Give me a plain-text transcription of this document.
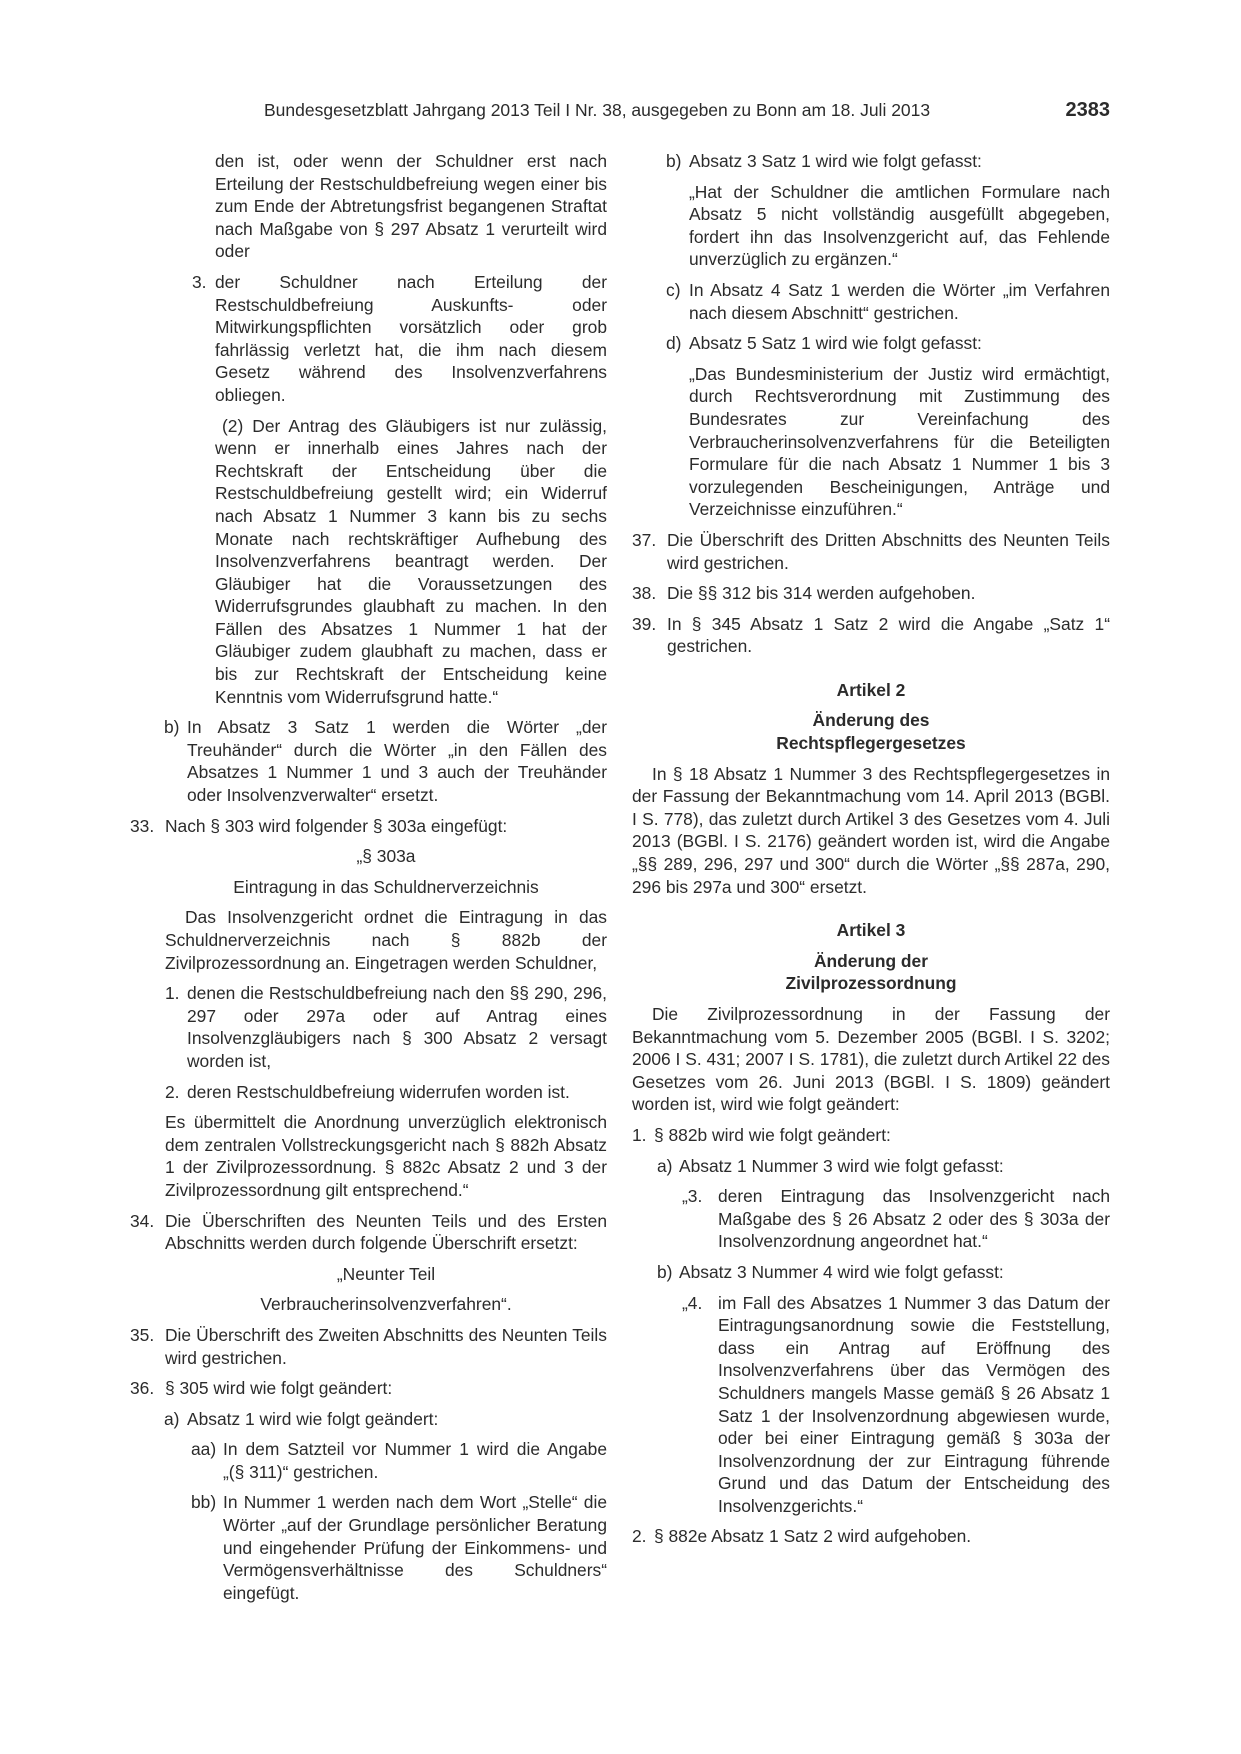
Bundesgesetzblatt Jahrgang 2013 Teil I Nr. 38, ausgegeben zu Bonn am 18. Juli 2013	2383

den ist, oder wenn der Schuldner erst nach Erteilung der Restschuldbefreiung wegen einer bis zum Ende der Abtretungsfrist begangenen Straftat nach Maßgabe von § 297 Absatz 1 verurteilt wird oder

3. der Schuldner nach Erteilung der Restschuldbefreiung Auskunfts- oder Mitwirkungspflichten vorsätzlich oder grob fahrlässig verletzt hat, die ihm nach diesem Gesetz während des Insolvenzverfahrens obliegen.

(2) Der Antrag des Gläubigers ist nur zulässig, wenn er innerhalb eines Jahres nach der Rechtskraft der Entscheidung über die Restschuldbefreiung gestellt wird; ein Widerruf nach Absatz 1 Nummer 3 kann bis zu sechs Monate nach rechtskräftiger Aufhebung des Insolvenzverfahrens beantragt werden. Der Gläubiger hat die Voraussetzungen des Widerrufsgrundes glaubhaft zu machen. In den Fällen des Absatzes 1 Nummer 1 hat der Gläubiger zudem glaubhaft zu machen, dass er bis zur Rechtskraft der Entscheidung keine Kenntnis vom Widerrufsgrund hatte.“

b) In Absatz 3 Satz 1 werden die Wörter „der Treuhänder“ durch die Wörter „in den Fällen des Absatzes 1 Nummer 1 und 3 auch der Treuhänder oder Insolvenzverwalter“ ersetzt.
33. Nach § 303 wird folgender § 303a eingefügt:

„§ 303a

Eintragung in das Schuldnerverzeichnis

Das Insolvenzgericht ordnet die Eintragung in das Schuldnerverzeichnis nach § 882b der Zivilprozessordnung an. Eingetragen werden Schuldner,

1. denen die Restschuldbefreiung nach den §§ 290, 296, 297 oder 297a oder auf Antrag eines Insolvenzgläubigers nach § 300 Absatz 2 versagt worden ist,
2. deren Restschuldbefreiung widerrufen worden ist.

Es übermittelt die Anordnung unverzüglich elektronisch dem zentralen Vollstreckungsgericht nach § 882h Absatz 1 der Zivilprozessordnung. § 882c Absatz 2 und 3 der Zivilprozessordnung gilt entsprechend.“

34. Die Überschriften des Neunten Teils und des Ersten Abschnitts werden durch folgende Überschrift ersetzt:

„Neunter Teil

Verbraucherinsolvenzverfahren“.

35. Die Überschrift des Zweiten Abschnitts des Neunten Teils wird gestrichen.
36. § 305 wird wie folgt geändert:
a) Absatz 1 wird wie folgt geändert:
aa) In dem Satzteil vor Nummer 1 wird die Angabe „(§ 311)“ gestrichen.
bb) In Nummer 1 werden nach dem Wort „Stelle“ die Wörter „auf der Grundlage persönlicher Beratung und eingehender Prüfung der Einkommens- und Vermögensverhältnisse des Schuldners“ eingefügt.
b) Absatz 3 Satz 1 wird wie folgt gefasst:

„Hat der Schuldner die amtlichen Formulare nach Absatz 5 nicht vollständig ausgefüllt abgegeben, fordert ihn das Insolvenzgericht auf, das Fehlende unverzüglich zu ergänzen.“

c) In Absatz 4 Satz 1 werden die Wörter „im Verfahren nach diesem Abschnitt“ gestrichen.
d) Absatz 5 Satz 1 wird wie folgt gefasst:

„Das Bundesministerium der Justiz wird ermächtigt, durch Rechtsverordnung mit Zustimmung des Bundesrates zur Vereinfachung des Verbraucherinsolvenzverfahrens für die Beteiligten Formulare für die nach Absatz 1 Nummer 1 bis 3 vorzulegenden Bescheinigungen, Anträge und Verzeichnisse einzuführen.“

37. Die Überschrift des Dritten Abschnitts des Neunten Teils wird gestrichen.
38. Die §§ 312 bis 314 werden aufgehoben.
39. In § 345 Absatz 1 Satz 2 wird die Angabe „Satz 1“ gestrichen.

Artikel 2

Änderung des

Rechtspflegergesetzes

In § 18 Absatz 1 Nummer 3 des Rechtspflegergesetzes in der Fassung der Bekanntmachung vom 14. April 2013 (BGBl. I S. 778), das zuletzt durch Artikel 3 des Gesetzes vom 4. Juli 2013 (BGBl. I S. 2176) geändert worden ist, wird die Angabe „§§ 289, 296, 297 und 300“ durch die Wörter „§§ 287a, 290, 296 bis 297a und 300“ ersetzt.

Artikel 3

Änderung der

Zivilprozessordnung

Die Zivilprozessordnung in der Fassung der Bekanntmachung vom 5. Dezember 2005 (BGBl. I S. 3202; 2006 I S. 431; 2007 I S. 1781), die zuletzt durch Artikel 22 des Gesetzes vom 26. Juni 2013 (BGBl. I S. 1809) geändert worden ist, wird wie folgt geändert:

1. § 882b wird wie folgt geändert:
a) Absatz 1 Nummer 3 wird wie folgt gefasst:
„3. deren Eintragung das Insolvenzgericht nach Maßgabe des § 26 Absatz 2 oder des § 303a der Insolvenzordnung angeordnet hat.“
b) Absatz 3 Nummer 4 wird wie folgt gefasst:
„4. im Fall des Absatzes 1 Nummer 3 das Datum der Eintragungsanordnung sowie die Feststellung, dass ein Antrag auf Eröffnung des Insolvenzverfahrens über das Vermögen des Schuldners mangels Masse gemäß § 26 Absatz 1 Satz 1 der Insolvenzordnung abgewiesen wurde, oder bei einer Eintragung gemäß § 303a der Insolvenzordnung der zur Eintragung führende Grund und das Datum der Entscheidung des Insolvenzgerichts.“
2. § 882e Absatz 1 Satz 2 wird aufgehoben.
